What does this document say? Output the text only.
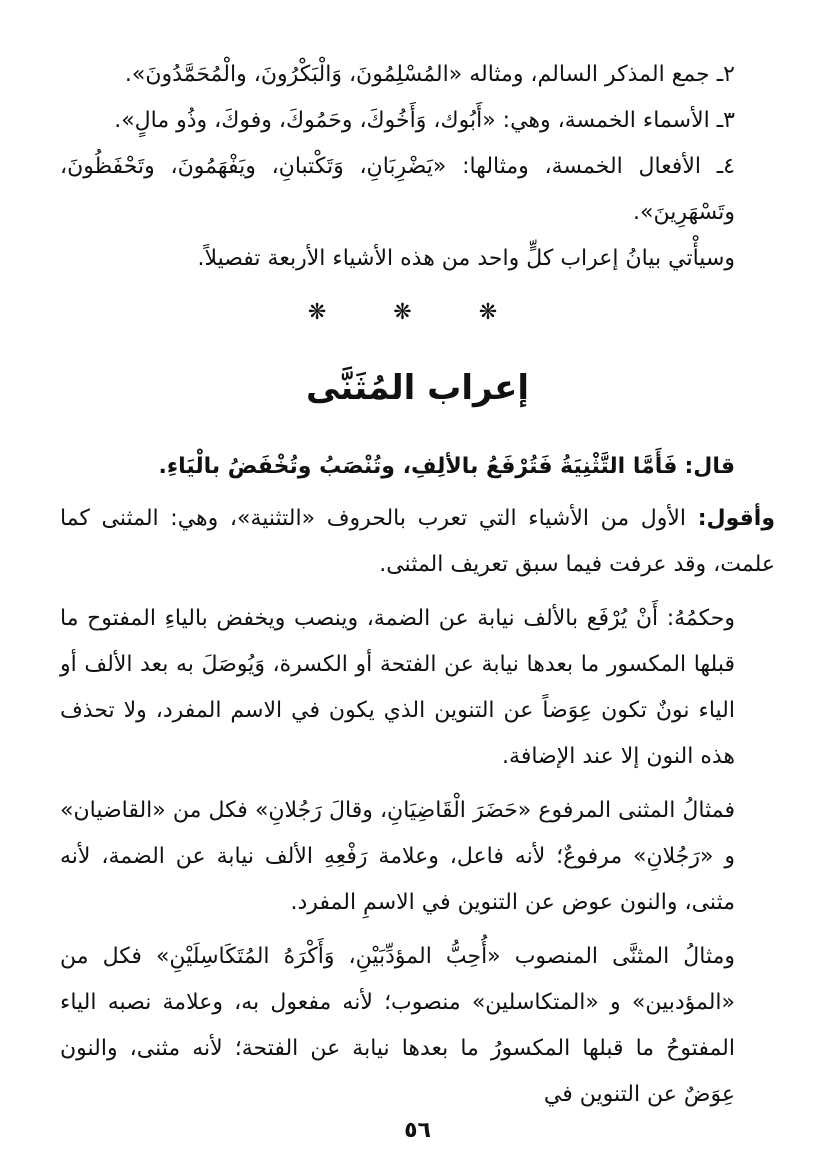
٢ـ جمع المذكر السالم، ومثاله «المُسْلِمُونَ، وَالْبَكْرُونَ، والْمُحَمَّدُونَ».

٣ـ الأسماء الخمسة، وهي: «أَبُوك، وَأَخُوكَ، وحَمُوكَ، وفوكَ، وذُو مالٍ».

٤ـ الأفعال الخمسة، ومثالها: «يَضْرِبَانِ، وَتَكْتبانِ، ويَفْهَمُونَ، وتَحْفَظُونَ، وتَسْهَرِينَ».

وسيأْتي بيانُ إعراب كلٍّ واحد من هذه الأشياء الأربعة تفصيلاً.

❋ ❋ ❋
إعراب المُثَنَّى

قال: فَأَمَّا التَّثْنِيَةُ فَتُرْفَعُ بالألِفِ، وتُنْصَبُ وتُخْفَضُ بالْيَاءِ.

وأقول: الأول من الأشياء التي تعرب بالحروف «التثنية»، وهي: المثنى كما علمت، وقد عرفت فيما سبق تعريف المثنى.

وحكمُهُ: أَنْ يُرْفَع بالألف نيابة عن الضمة، وينصب ويخفض بالياءِ المفتوح ما قبلها المكسور ما بعدها نيابة عن الفتحة أو الكسرة، وَيُوصَلَ به بعد الألف أو الياء نونٌ تكون عِوَضاً عن التنوين الذي يكون في الاسم المفرد، ولا تحذف هذه النون إلا عند الإضافة.

فمثالُ المثنى المرفوع «حَضَرَ الْقَاضِيَانِ، وقالَ رَجُلانِ» فكل من «القاضيان» و «رَجُلانِ» مرفوعٌ؛ لأنه فاعل، وعلامة رَفْعِهِ الألف نيابة عن الضمة، لأنه مثنى، والنون عوض عن التنوين في الاسمِ المفرد.

ومثالُ المثنَّى المنصوب «أُحِبُّ المؤدِّبَيْنِ، وَأَكْرَهُ المُتَكَاسِلَيْنِ» فكل من «المؤدبين» و «المتكاسلين» منصوب؛ لأنه مفعول به، وعلامة نصبه الياء المفتوحُ ما قبلها المكسورُ ما بعدها نيابة عن الفتحة؛ لأنه مثنى، والنون عِوَضٌ عن التنوين في

٥٦
